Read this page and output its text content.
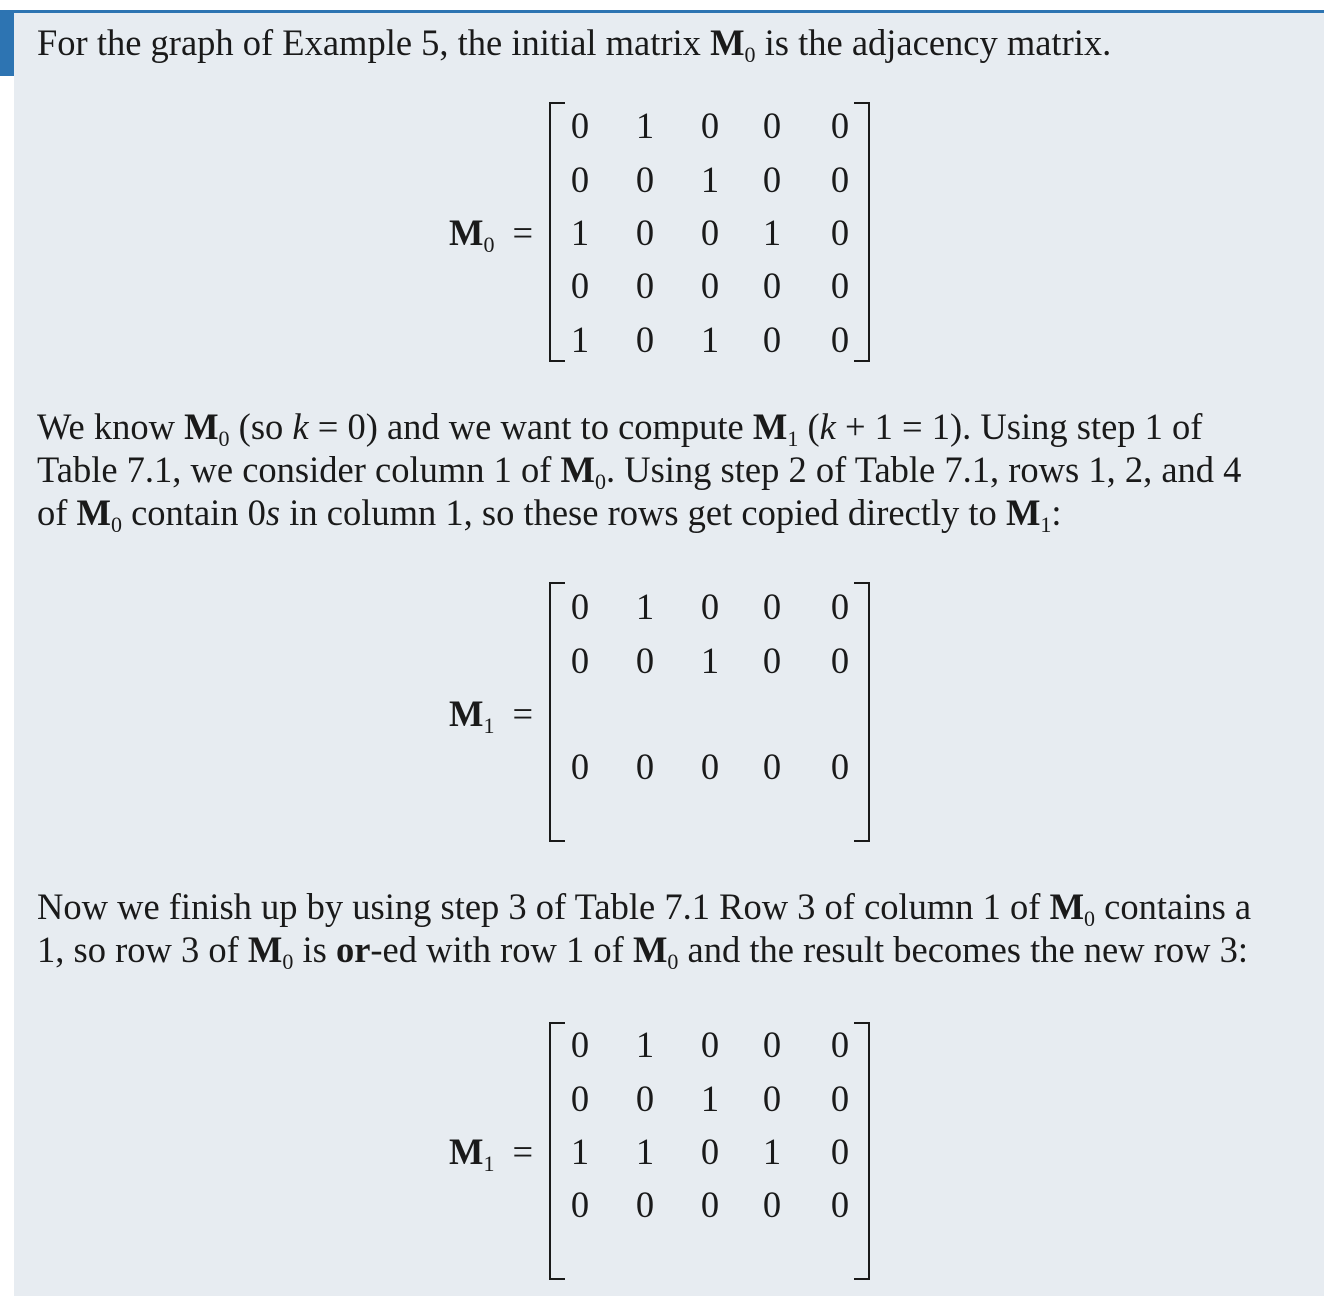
For the graph of Example 5, the initial matrix $M_0$ is the adjacency matrix.
$M_0$ =
0 1 0 0 0
0 0 1 0 0
1 0 0 1 0
0 0 0 0 0
1 0 1 0 0
We know $M_0$ (so k = 0) and we want to compute $M_1$ (k + 1 = 1). Using step 1 of
Table 7.1, we consider column 1 of $M_0$. Using step 2 of Table 7.1, rows 1, 2, and 4
of $M_0$ contain 0s in column 1, so these rows get copied directly to $M_1$:
$M_1$ =
0 1 0 0 0
0 0 1 0 0
0 0 0 0 0
Now we finish up by using step 3 of Table 7.1 Row 3 of column 1 of $M_0$ contains a
1, so row 3 of $M_0$ is or-ed with row 1 of $M_0$ and the result becomes the new row 3:
$M_1$ =
0 1 0 0 0
0 0 1 0 0
1 1 0 1 0
0 0 0 0 0
